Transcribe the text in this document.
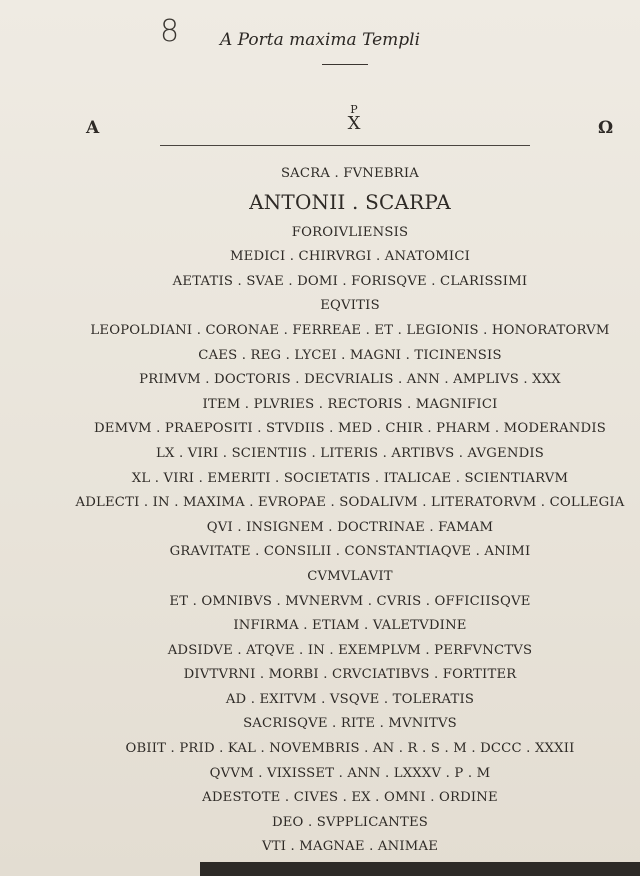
8	A Porta maxima Templi
A
P
X	Ω
SACRA . FVNEBRIA
ANTONII . SCARPA
FOROIVLIENSIS
MEDICI . CHIRVRGI . ANATOMICI
AETATIS . SVAE . DOMI . FORISQVE . CLARISSIMI
EQVITIS
LEOPOLDIANI . CORONAE . FERREAE . ET . LEGIONIS . HONORATORVM
CAES . REG . LYCEI . MAGNI . TICINENSIS
PRIMVM . DOCTORIS . DECVRIALIS . ANN . AMPLIVS . XXX
ITEM . PLVRIES . RECTORIS . MAGNIFICI
DEMVM . PRAEPOSITI . STVDIIS . MED . CHIR . PHARM . MODERANDIS
LX . VIRI . SCIENTIIS . LITERIS . ARTIBVS . AVGENDIS
XL . VIRI . EMERITI . SOCIETATIS . ITALICAE . SCIENTIARVM
ADLECTI . IN . MAXIMA . EVROPAE . SODALIVM . LITERATORVM . COLLEGIA
QVI . INSIGNEM . DOCTRINAE . FAMAM
GRAVITATE . CONSILII . CONSTANTIAQVE . ANIMI
CVMVLAVIT
ET . OMNIBVS . MVNERVM . CVRIS . OFFICIISQVE
INFIRMA . ETIAM . VALETVDINE
ADSIDVE . ATQVE . IN . EXEMPLVM . PERFVNCTVS
DIVTVRNI . MORBI . CRVCIATIBVS . FORTITER
AD . EXITVM . VSQVE . TOLERATIS
SACRISQVE . RITE . MVNITVS
OBIIT . PRID . KAL . NOVEMBRIS . AN . R . S . M . DCCC . XXXII
QVVM . VIXISSET . ANN . LXXXV . P . M
ADESTOTE . CIVES . EX . OMNI . ORDINE
DEO . SVPPLICANTES
VTI . MAGNAE . ANIMAE
